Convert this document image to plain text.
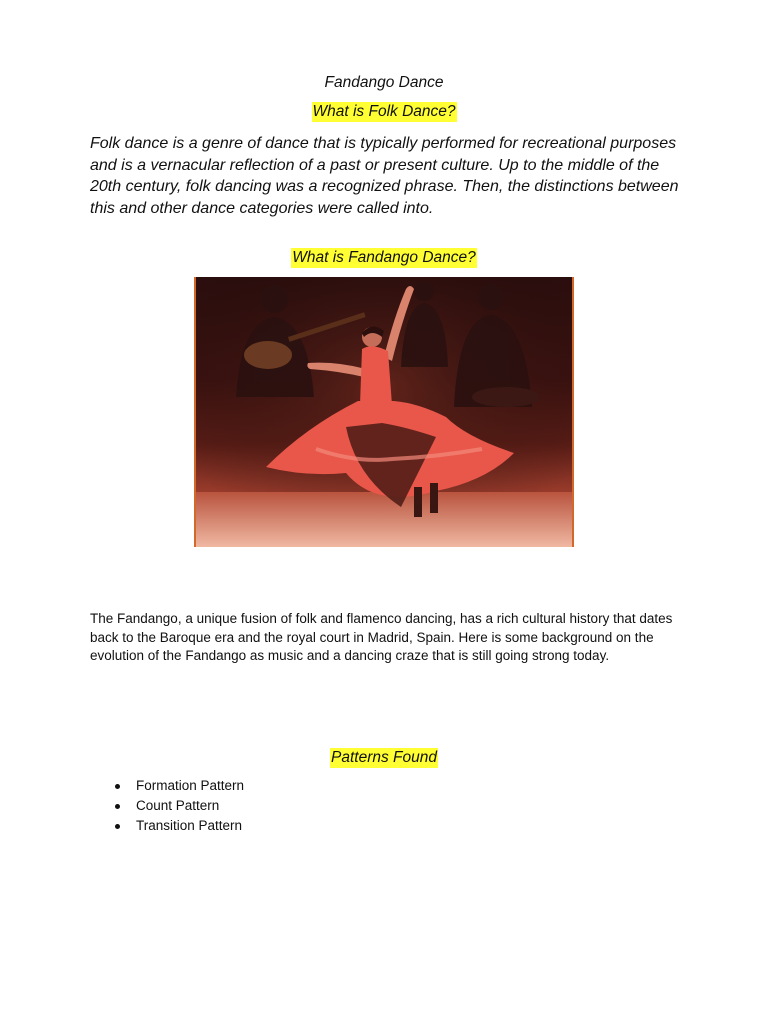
Fandango Dance
What is Folk Dance?

Folk dance is a genre of dance that is typically performed for recreational purposes and is a vernacular reflection of a past or present culture. Up to the middle of the 20th century, folk dancing was a recognized phrase. Then, the distinctions between this and other dance categories were called into.

What is Fandango Dance?

The Fandango, a unique fusion of folk and flamenco dancing, has a rich cultural history that dates back to the Baroque era and the royal court in Madrid, Spain. Here is some background on the evolution of the Fandango as music and a dancing craze that is still going strong today.

Patterns Found
Formation Pattern
Count Pattern
Transition Pattern
